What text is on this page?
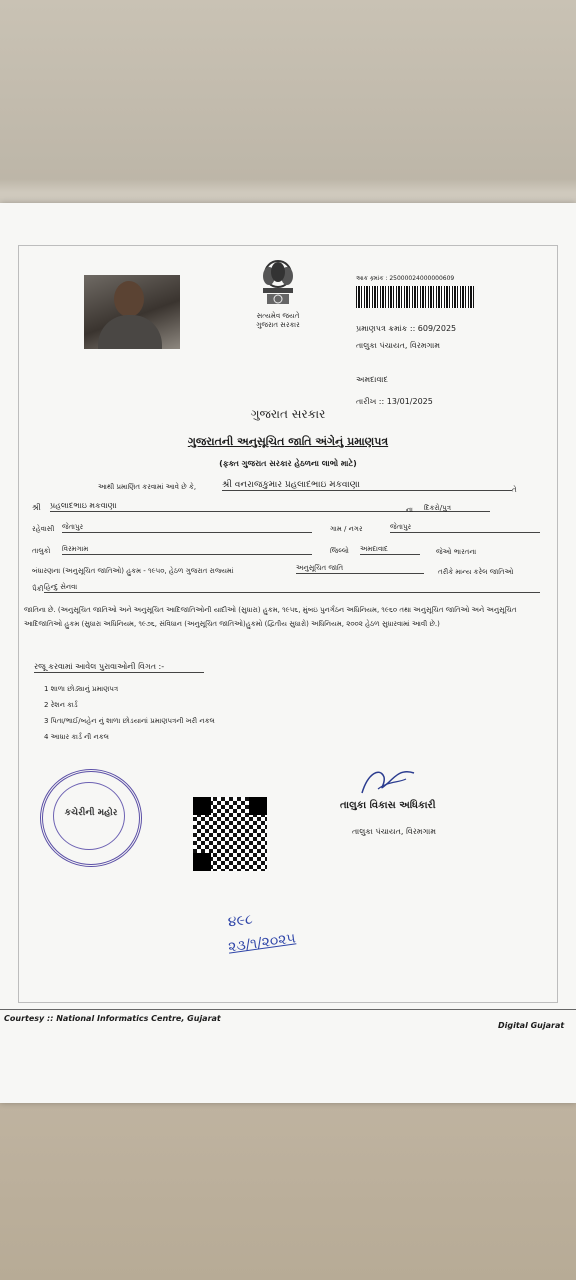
સત્યમેવ જયતે
ગુજરાત સરકાર
આક ક્ર્માંક : 25000024000000609
પ્રમાણપત્ર ક્રમાંક :: 609/2025
તાલુકા પંચાયત, વિરમગામ
અમદાવાદ
તારીખ :: 13/01/2025
ગુજરાત સરકાર
ગુજરાતની અનુસૂચિત જાતિ અંગેનું પ્રમાણપત્ર
(ફક્ત ગુજરાત સરકાર હેઠળના લાભો માટે)
આથી પ્રમાણિત કરવામાં આવે છે કે,	શ્રી વનરાજકુમાર પ્રહલાદભાઇ મકવાણા	તે
શ્રી પ્રહલાદભાઇ મકવાણા	ના દિકરો/પુત્ર
રહેવાસી જેતાપુર	ગામ / નગર	જેતાપુર
તાલુકો વિરમગામ	જિલ્લો અમદાવાદ	જેઓ ભારતના
બંધારણના (અનુસૂચિત જાતિઓ) હુકમ - ૧૯૫૦, હેઠળ ગુજરાત રાજ્યમાં	અનુસૂચિત જાતિ	તરીકે માન્ય કરેલ જાતિઓ
પૈકી હિન્દુ સેનવા
જાતિના છે. (અનુસૂચિત જાતિઓ અને અનુસૂચિત આદિજાતિઓની યાદીઓ (સુધારા) હુકમ, ૧૯૫૬, મુંબઇ પુનર્ગઠન અધિનિયમ, ૧૯૬૦ તથા અનુસૂચિત જાતિઓ અને અનુસૂચિત આદિજાતિઓ હુકમ (સુધારા અધિનિયમ, ૧૯૭૬, સંવિધાન (અનુસૂચિત જાતિઓ)હુકમો (દ્વિતીય સુધારો) અધિનિયમ, ૨૦૦૨ હેઠળ સુધારવામાં આવી છે.)
રજૂ કરવામાં આવેલ પુરાવાઓની વિગત :-
1 શાળા છોડ્યાનું પ્રમાણપત્ર
2 રેશન કાર્ડ
3 પિતા/ભાઈ/બહેન નું શાળા છોડયાનાં પ્રમાણપત્રની ખરી નકલ
4 આધાર કાર્ડ ની નકલ
કચેરીની મહોર
તાલુકા વિકાસ અધિકારી
તાલુકા પંચાયત, વિરમગામ
૪૯૮
૨૩/૧/૨૦૨૫
Courtesy :: National Informatics Centre, Gujarat
Digital Gujarat
